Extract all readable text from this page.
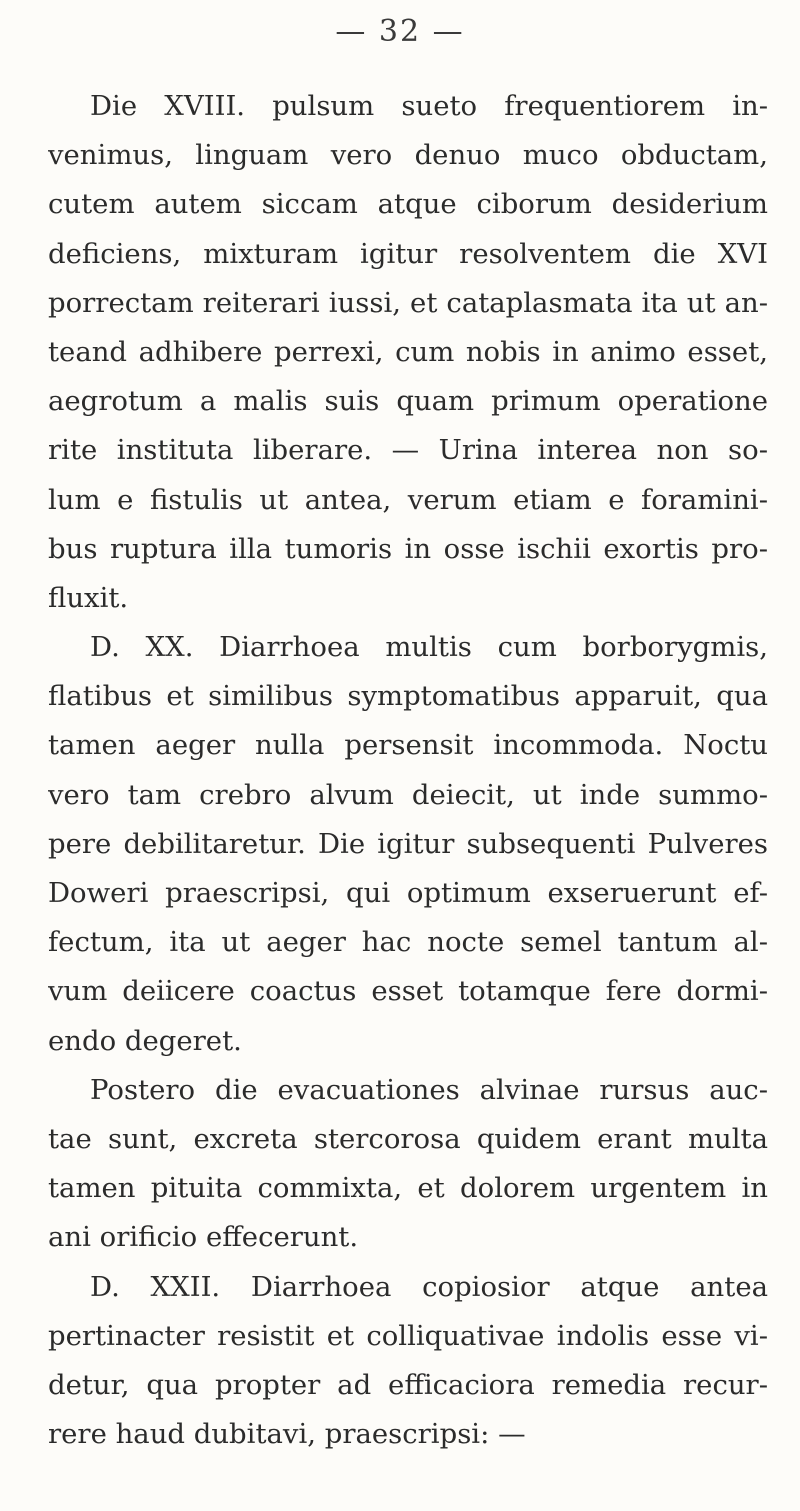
— 32 —
Die XVIII. pulsum sueto frequentiorem in-
venimus, linguam vero denuo muco obductam,
cutem autem siccam atque ciborum desiderium
deficiens, mixturam igitur resolventem die XVI
porrectam reiterari iussi, et cataplasmata ita ut an-
teand adhibere perrexi, cum nobis in animo esset,
aegrotum a malis suis quam primum operatione
rite instituta liberare. — Urina interea non so-
lum e fistulis ut antea, verum etiam e foramini-
bus ruptura illa tumoris in osse ischii exortis pro-
fluxit.
D. XX. Diarrhoea multis cum borborygmis,
flatibus et similibus symptomatibus apparuit, qua
tamen aeger nulla persensit incommoda. Noctu
vero tam crebro alvum deiecit, ut inde summo-
pere debilitaretur. Die igitur subsequenti Pulveres
Doweri praescripsi, qui optimum exseruerunt ef-
fectum, ita ut aeger hac nocte semel tantum al-
vum deiicere coactus esset totamque fere dormi-
endo degeret.
Postero die evacuationes alvinae rursus auc-
tae sunt, excreta stercorosa quidem erant multa
tamen pituita commixta, et dolorem urgentem in
ani orificio effecerunt.
D. XXII. Diarrhoea copiosior atque antea
pertinacter resistit et colliquativae indolis esse vi-
detur, qua propter ad efficaciora remedia recur-
rere haud dubitavi, praescripsi: —
